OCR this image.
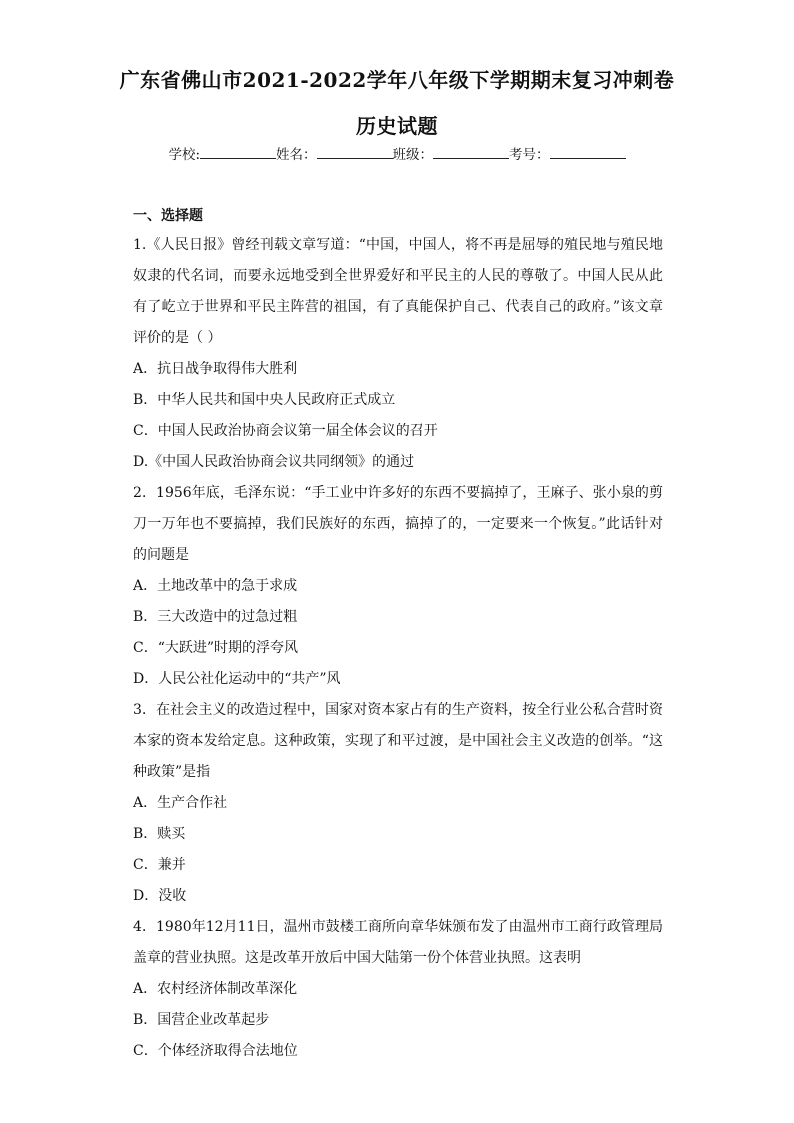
广东省佛山市2021-2022学年八年级下学期期末复习冲刺卷
历史试题
学校:	姓名：	班级：	考号：
一、选择题

1.《人民日报》曾经刊载文章写道：“中国，中国人，将不再是屈辱的殖民地与殖民地奴隶的代名词，而要永远地受到全世界爱好和平民主的人民的尊敬了。中国人民从此有了屹立于世界和平民主阵营的祖国，有了真能保护自己、代表自己的政府。”该文章评价的是（ ）

A．抗日战争取得伟大胜利

B．中华人民共和国中央人民政府正式成立

C．中国人民政治协商会议第一届全体会议的召开

D.《中国人民政治协商会议共同纲领》的通过

2．1956年底，毛泽东说：“手工业中许多好的东西不要搞掉了，王麻子、张小泉的剪刀一万年也不要搞掉，我们民族好的东西，搞掉了的，一定要来一个恢复。”此话针对的问题是

A．土地改革中的急于求成

B．三大改造中的过急过粗

C．“大跃进”时期的浮夸风

D．人民公社化运动中的“共产”风

3．在社会主义的改造过程中，国家对资本家占有的生产资料，按全行业公私合营时资本家的资本发给定息。这种政策，实现了和平过渡，是中国社会主义改造的创举。“这种政策”是指

A．生产合作社

B．赎买

C．兼并

D．没收

4．1980年12月11日，温州市鼓楼工商所向章华妹颁布发了由温州市工商行政管理局盖章的营业执照。这是改革开放后中国大陆第一份个体营业执照。这表明

A．农村经济体制改革深化

B．国营企业改革起步

C．个体经济取得合法地位
